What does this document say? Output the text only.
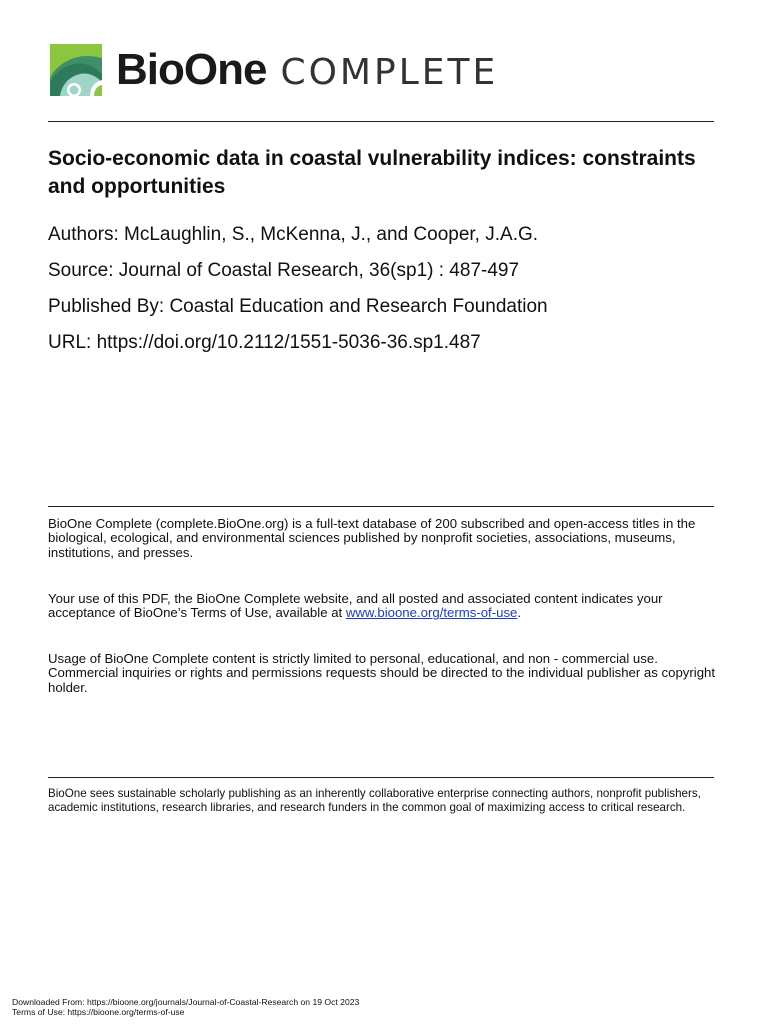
BioOne COMPLETE
Socio-economic data in coastal vulnerability indices: constraints and opportunities

Authors: McLaughlin, S., McKenna, J., and Cooper, J.A.G.

Source: Journal of Coastal Research, 36(sp1) : 487-497

Published By: Coastal Education and Research Foundation

URL: https://doi.org/10.2112/1551-5036-36.sp1.487

BioOne Complete (complete.BioOne.org) is a full-text database of 200 subscribed and open-access titles in the biological, ecological, and environmental sciences published by nonprofit societies, associations, museums, institutions, and presses.

Your use of this PDF, the BioOne Complete website, and all posted and associated content indicates your acceptance of BioOne’s Terms of Use, available at www.bioone.org/terms-of-use.

Usage of BioOne Complete content is strictly limited to personal, educational, and non - commercial use. Commercial inquiries or rights and permissions requests should be directed to the individual publisher as copyright holder.

BioOne sees sustainable scholarly publishing as an inherently collaborative enterprise connecting authors, nonprofit publishers, academic institutions, research libraries, and research funders in the common goal of maximizing access to critical research.

Downloaded From: https://bioone.org/journals/Journal-of-Coastal-Research on 19 Oct 2023
Terms of Use: https://bioone.org/terms-of-use
